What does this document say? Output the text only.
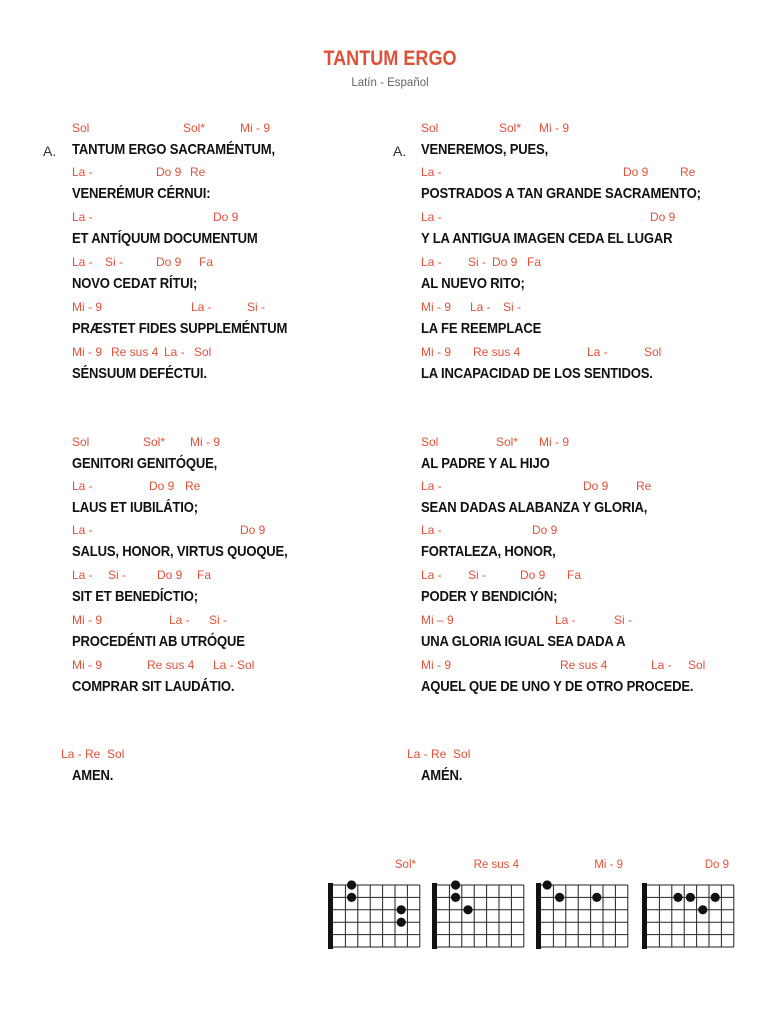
TANTUM ERGO
Latín - Español
A.
Sol	Sol*	Mi - 9
TANTUM ERGO SACRAMÉNTUM,
La -	Do 9 Re
VENERÉMUR CÉRNUI:
La -	Do 9
ET ANTÍQUUM DOCUMENTUM
La - Si -	Do 9 Fa
NOVO CEDAT RÍTUI;
Mi - 9	La -	Si -
PRÆSTET FIDES SUPPLEMÉNTUM
Mi - 9 Re sus 4 La - Sol
SÉNSUUM DEFÉCTUI.
Sol	Sol* Mi - 9
GENITORI GENITÓQUE,
La -	Do 9 Re
LAUS ET IUBILÁTIO;
La -	Do 9
SALUS, HONOR, VIRTUS QUOQUE,
La - Si -	Do 9 Fa
SIT ET BENEDÍCTIO;
Mi - 9	La - Si -
PROCEDÉNTI AB UTRÓQUE
Mi - 9	Re sus 4 La - Sol
COMPRAR SIT LAUDÁTIO.
La - Re  Sol
AMEN.
A.
Sol	Sol* Mi - 9
VENEREMOS, PUES,
La -	Do 9	Re
POSTRADOS A TAN GRANDE SACRAMENTO;
La -	Do 9
Y LA ANTIGUA IMAGEN CEDA EL LUGAR
La - Si - Do 9 Fa
AL NUEVO RITO;
Mi - 9 La - Si -
LA FE REEMPLACE
Mi - 9 Re sus 4	La -	Sol
LA INCAPACIDAD DE LOS SENTIDOS.
Sol	Sol* Mi - 9
AL PADRE Y AL HIJO
La -	Do 9 Re
SEAN DADAS ALABANZA Y GLORIA,
La -	Do 9
FORTALEZA, HONOR,
La - Si -	Do 9 Fa
PODER Y BENDICIÓN;
Mi – 9	La -	Si -
UNA GLORIA IGUAL SEA DADA A
Mi - 9	Re sus 4	La - Sol
AQUEL QUE DE UNO Y DE OTRO PROCEDE.
La - Re  Sol
AMÉN.
Sol*	Re sus 4	Mi - 9	Do 9
